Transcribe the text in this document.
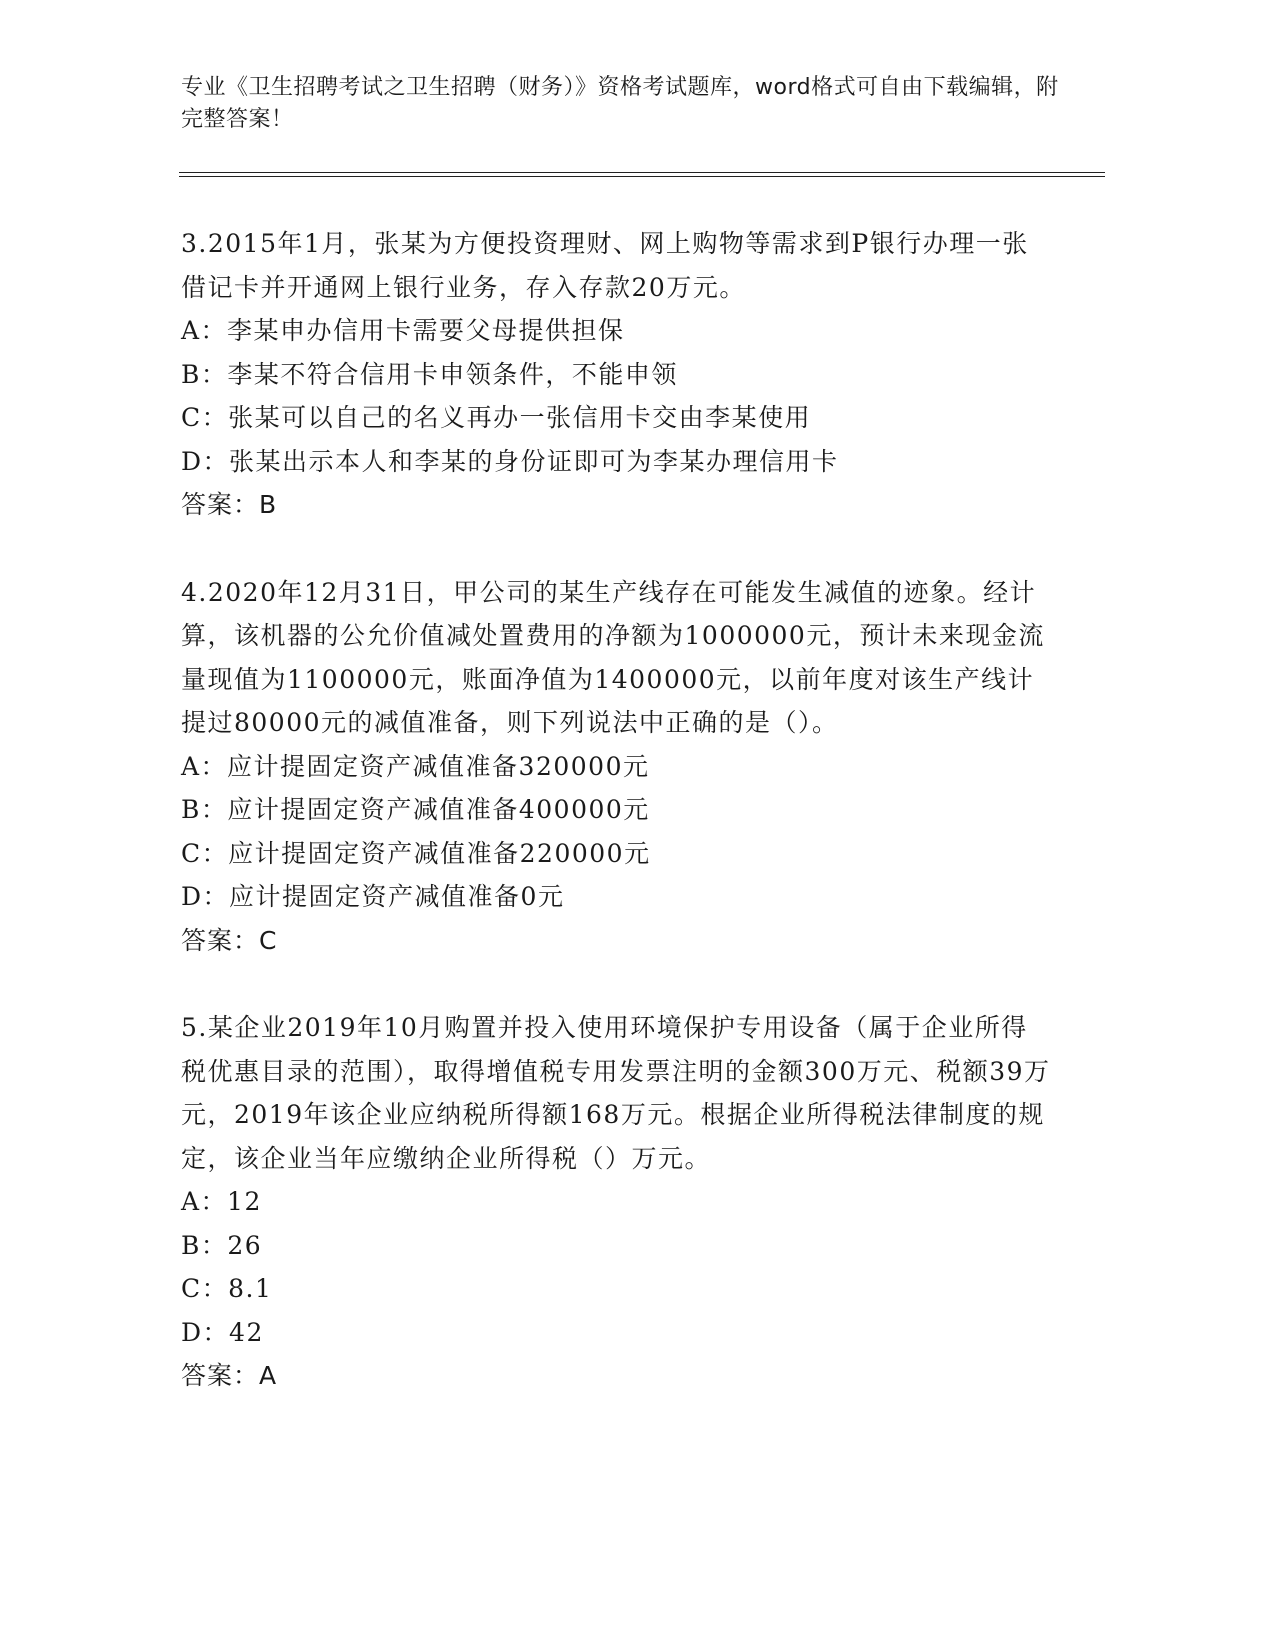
专业《卫生招聘考试之卫生招聘（财务）》资格考试题库，word格式可自由下载编辑，附完整答案！
3.2015年1月，张某为方便投资理财、网上购物等需求到P银行办理一张借记卡并开通网上银行业务，存入存款20万元。
A：李某申办信用卡需要父母提供担保
B：李某不符合信用卡申领条件，不能申领
C：张某可以自己的名义再办一张信用卡交由李某使用
D：张某出示本人和李某的身份证即可为李某办理信用卡
答案：B
4.2020年12月31日，甲公司的某生产线存在可能发生减值的迹象。经计算，该机器的公允价值减处置费用的净额为1000000元，预计未来现金流量现值为1100000元，账面净值为1400000元，以前年度对该生产线计提过80000元的减值准备，则下列说法中正确的是（）。
A：应计提固定资产减值准备320000元
B：应计提固定资产减值准备400000元
C：应计提固定资产减值准备220000元
D：应计提固定资产减值准备0元
答案：C
5.某企业2019年10月购置并投入使用环境保护专用设备（属于企业所得税优惠目录的范围），取得增值税专用发票注明的金额300万元、税额39万元，2019年该企业应纳税所得额168万元。根据企业所得税法律制度的规定，该企业当年应缴纳企业所得税（）万元。
A：12
B：26
C：8.1
D：42
答案：A
